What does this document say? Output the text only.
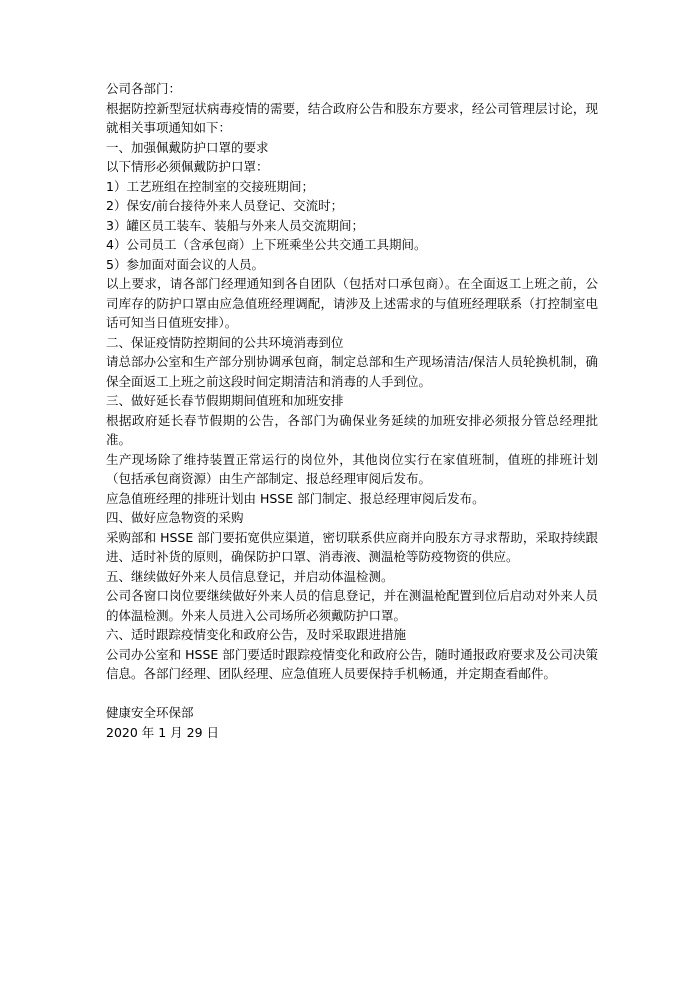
公司各部门：

根据防控新型冠状病毒疫情的需要，结合政府公告和股东方要求，经公司管理层讨论，现就相关事项通知如下：

一、加强佩戴防护口罩的要求

以下情形必须佩戴防护口罩：

1）工艺班组在控制室的交接班期间；

2）保安/前台接待外来人员登记、交流时；

3）罐区员工装车、装船与外来人员交流期间；

4）公司员工（含承包商）上下班乘坐公共交通工具期间。

5）参加面对面会议的人员。

以上要求，请各部门经理通知到各自团队（包括对口承包商）。在全面返工上班之前，公司库存的防护口罩由应急值班经理调配，请涉及上述需求的与值班经理联系（打控制室电话可知当日值班安排）。

二、保证疫情防控期间的公共环境消毒到位

请总部办公室和生产部分别协调承包商，制定总部和生产现场清洁/保洁人员轮换机制，确保全面返工上班之前这段时间定期清洁和消毒的人手到位。

三、做好延长春节假期期间值班和加班安排

根据政府延长春节假期的公告，各部门为确保业务延续的加班安排必须报分管总经理批准。

生产现场除了维持装置正常运行的岗位外，其他岗位实行在家值班制，值班的排班计划（包括承包商资源）由生产部制定、报总经理审阅后发布。

应急值班经理的排班计划由 HSSE 部门制定、报总经理审阅后发布。

四、做好应急物资的采购

采购部和 HSSE 部门要拓宽供应渠道，密切联系供应商并向股东方寻求帮助，采取持续跟进、适时补货的原则，确保防护口罩、消毒液、测温枪等防疫物资的供应。

五、继续做好外来人员信息登记，并启动体温检测。

公司各窗口岗位要继续做好外来人员的信息登记，并在测温枪配置到位后启动对外来人员的体温检测。外来人员进入公司场所必须戴防护口罩。

六、适时跟踪疫情变化和政府公告，及时采取跟进措施

公司办公室和 HSSE 部门要适时跟踪疫情变化和政府公告，随时通报政府要求及公司决策信息。各部门经理、团队经理、应急值班人员要保持手机畅通，并定期查看邮件。

健康安全环保部

2020 年 1 月 29 日
